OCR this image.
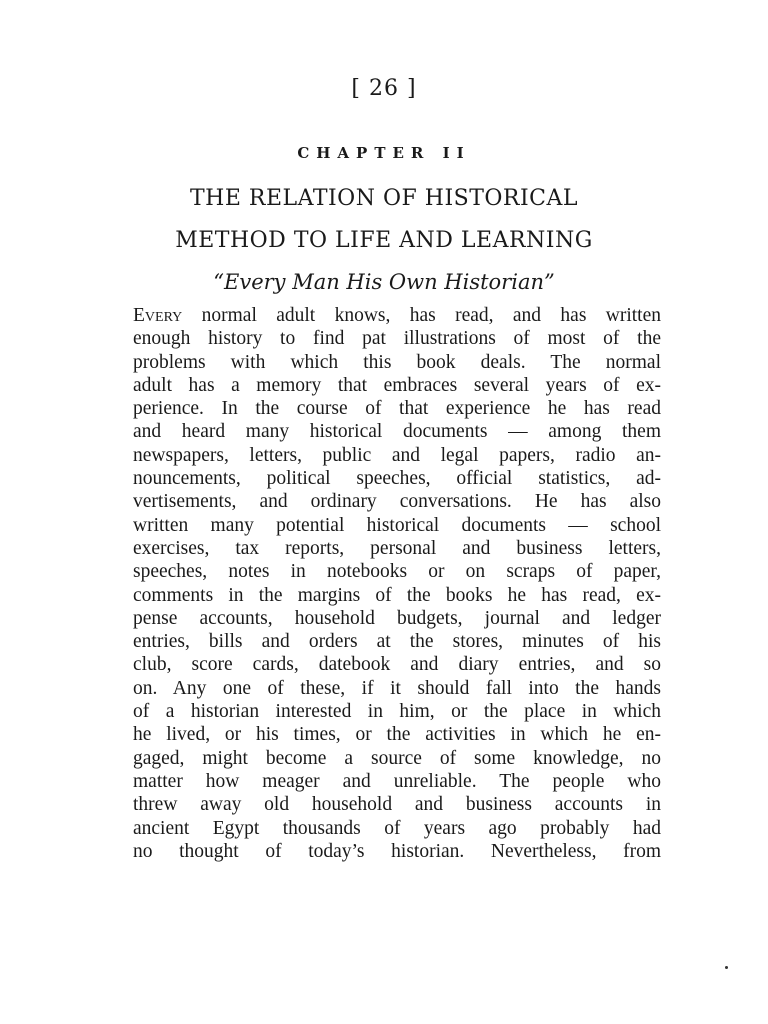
[ 26 ]
CHAPTER II
THE RELATION OF HISTORICAL
METHOD TO LIFE AND LEARNING
“Every Man His Own Historian”
Every normal adult knows, has read, and has written
enough history to find pat illustrations of most of the
problems with which this book deals. The normal
adult has a memory that embraces several years of ex-
perience. In the course of that experience he has read
and heard many historical documents — among them
newspapers, letters, public and legal papers, radio an-
nouncements, political speeches, official statistics, ad-
vertisements, and ordinary conversations. He has also
written many potential historical documents — school
exercises, tax reports, personal and business letters,
speeches, notes in notebooks or on scraps of paper,
comments in the margins of the books he has read, ex-
pense accounts, household budgets, journal and ledger
entries, bills and orders at the stores, minutes of his
club, score cards, datebook and diary entries, and so
on. Any one of these, if it should fall into the hands
of a historian interested in him, or the place in which
he lived, or his times, or the activities in which he en-
gaged, might become a source of some knowledge, no
matter how meager and unreliable. The people who
threw away old household and business accounts in
ancient Egypt thousands of years ago probably had
no thought of today’s historian. Nevertheless, from
